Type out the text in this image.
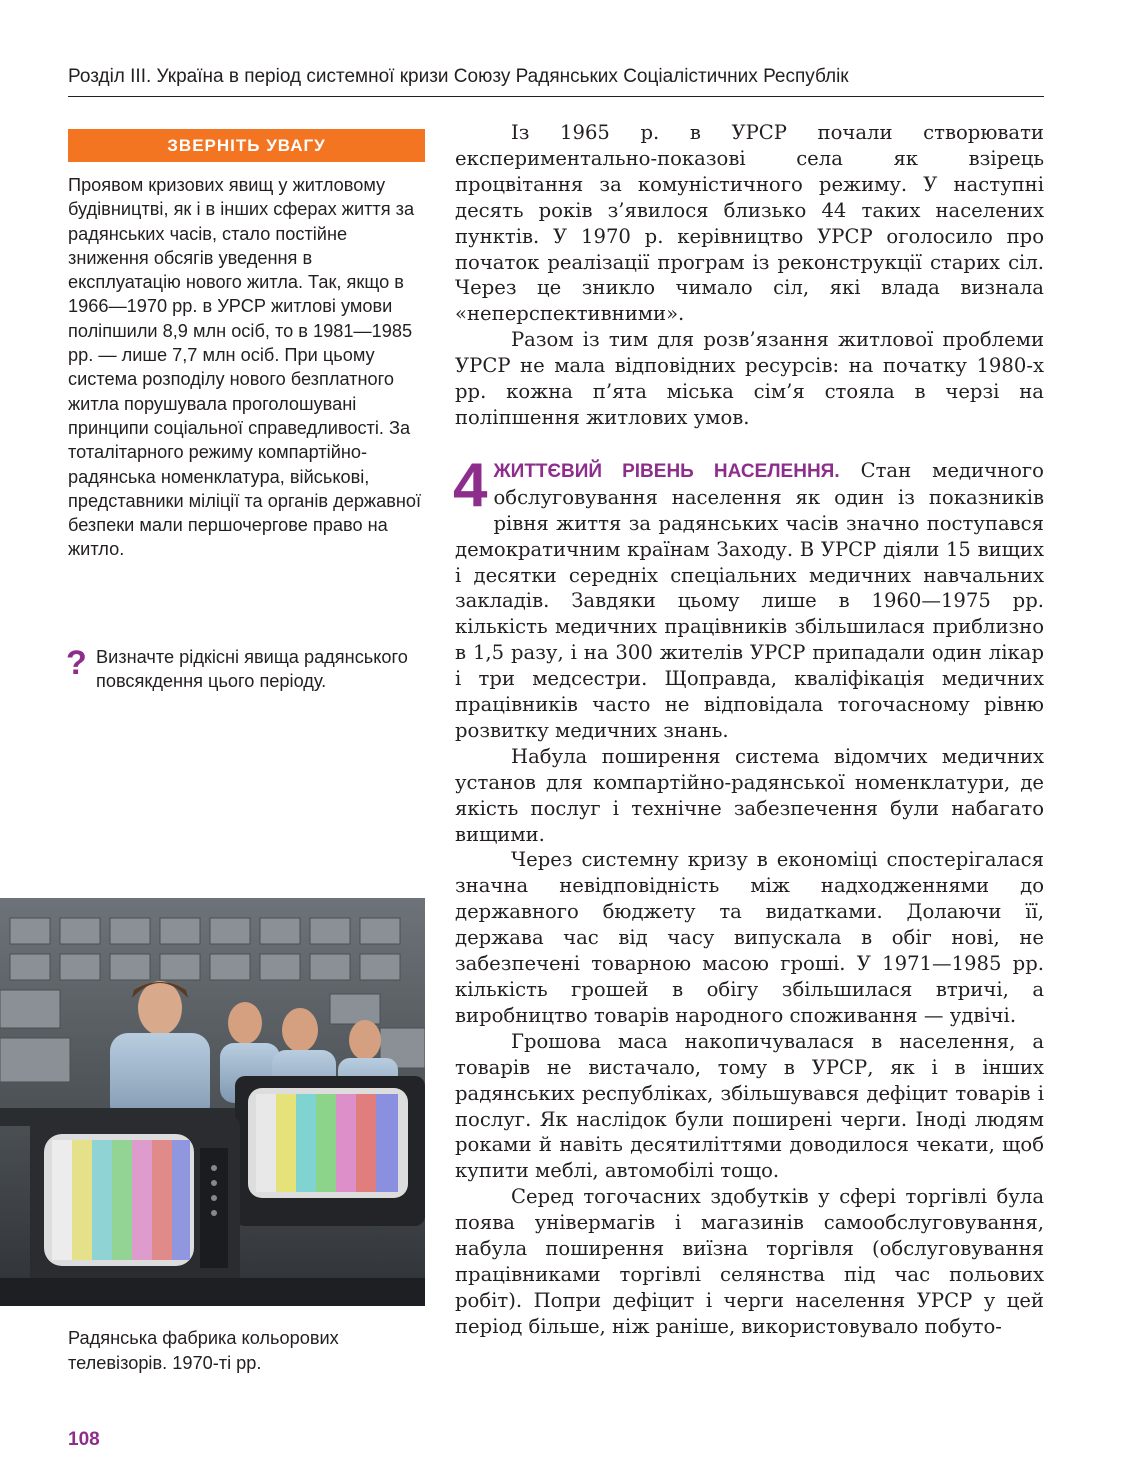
Розділ ІІІ. Україна в період системної кризи Союзу Радянських Соціалістичних Республік
ЗВЕРНІТЬ УВАГУ

Проявом кризових явищ у житловому будівництві, як і в інших сферах життя за радянських часів, стало постійне зниження обсягів уведення в експлуатацію нового житла. Так, якщо в 1966—1970 рр. в УРСР житлові умови поліпшили 8,9 млн осіб, то в 1981—1985 рр. — лише 7,7 млн осіб. При цьому система розподілу нового безплатного житла порушувала проголошувані принципи соціальної справедливості. За тоталітарного режиму компартійно-радянська номенклатура, військові, представники міліції та органів державної безпеки мали першочергове право на житло.

? Визначте рідкісні явища радянського повсякдення цього періоду.

Радянська фабрика кольорових телевізорів. 1970-ті рр.

108

Із 1965 р. в УРСР почали створювати експериментально-показові села як взірець процвітання за комуністичного режиму. У наступні десять років з’явилося близько 44 таких населених пунктів. У 1970 р. керівництво УРСР оголосило про початок реалізації програм із реконструкції старих сіл. Через це зникло чимало сіл, які влада визнала «неперспективними».

Разом із тим для розв’язання житлової проблеми УРСР не мала відповідних ресурсів: на початку 1980-х рр. кожна п’ята міська сім’я стояла в черзі на поліпшення житлових умов.

4 ЖИТТЄВИЙ РІВЕНЬ НАСЕЛЕННЯ. Стан медичного обслуговування населення як один із показників рівня життя за радянських часів значно поступався демократичним країнам Заходу. В УРСР діяли 15 вищих і десятки середніх спеціальних медичних навчальних закладів. Завдяки цьому лише в 1960—1975 рр. кількість медичних працівників збільшилася приблизно в 1,5 разу, і на 300 жителів УРСР припадали один лікар і три медсестри. Щоправда, кваліфікація медичних працівників часто не відповідала тогочасному рівню розвитку медичних знань.

Набула поширення система відомчих медичних установ для компартійно-радянської номенклатури, де якість послуг і технічне забезпечення були набагато вищими.

Через системну кризу в економіці спостерігалася значна невідповідність між надходженнями до державного бюджету та видатками. Долаючи її, держава час від часу випускала в обіг нові, не забезпечені товарною масою гроші. У 1971—1985 рр. кількість грошей в обігу збільшилася втричі, а виробництво товарів народного споживання — удвічі.

Грошова маса накопичувалася в населення, а товарів не вистачало, тому в УРСР, як і в інших радянських республіках, збільшувався дефіцит товарів і послуг. Як наслідок були поширені черги. Іноді людям роками й навіть десятиліттями доводилося чекати, щоб купити меблі, автомобілі тощо.

Серед тогочасних здобутків у сфері торгівлі була поява універмагів і магазинів самообслуговування, набула поширення виїзна торгівля (обслуговування працівниками торгівлі селянства під час польових робіт). Попри дефіцит і черги населення УРСР у цей період більше, ніж раніше, використовувало побуто-
